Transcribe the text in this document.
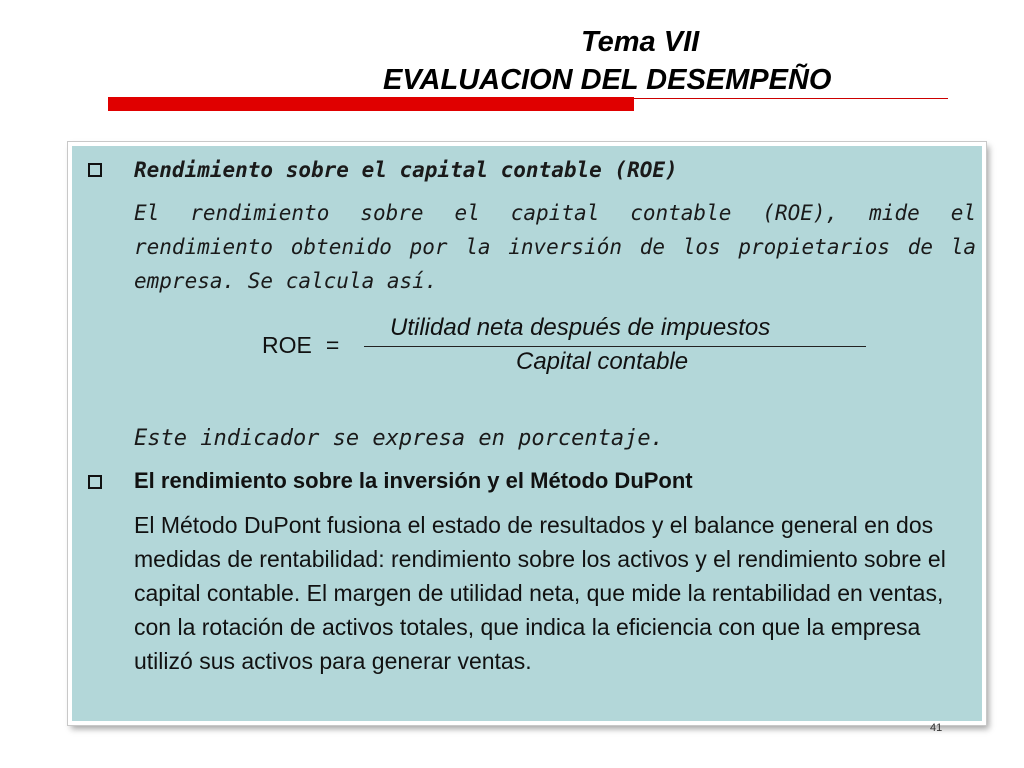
Tema VII
EVALUACION DEL DESEMPEÑO
Rendimiento sobre el capital contable (ROE)
El rendimiento sobre el capital contable (ROE), mide el rendimiento obtenido por la inversión de los propietarios de la empresa. Se calcula así.
ROE =
Utilidad neta después de impuestos
Capital contable
Este indicador se expresa en porcentaje.
El rendimiento sobre la inversión y el Método DuPont
El Método DuPont fusiona el estado de resultados y el balance general en dos medidas de rentabilidad: rendimiento sobre los activos y el rendimiento sobre el capital contable. El margen de utilidad neta, que mide la rentabilidad en ventas, con la rotación de activos totales, que indica la eficiencia con que la empresa utilizó sus activos para generar ventas.
41
